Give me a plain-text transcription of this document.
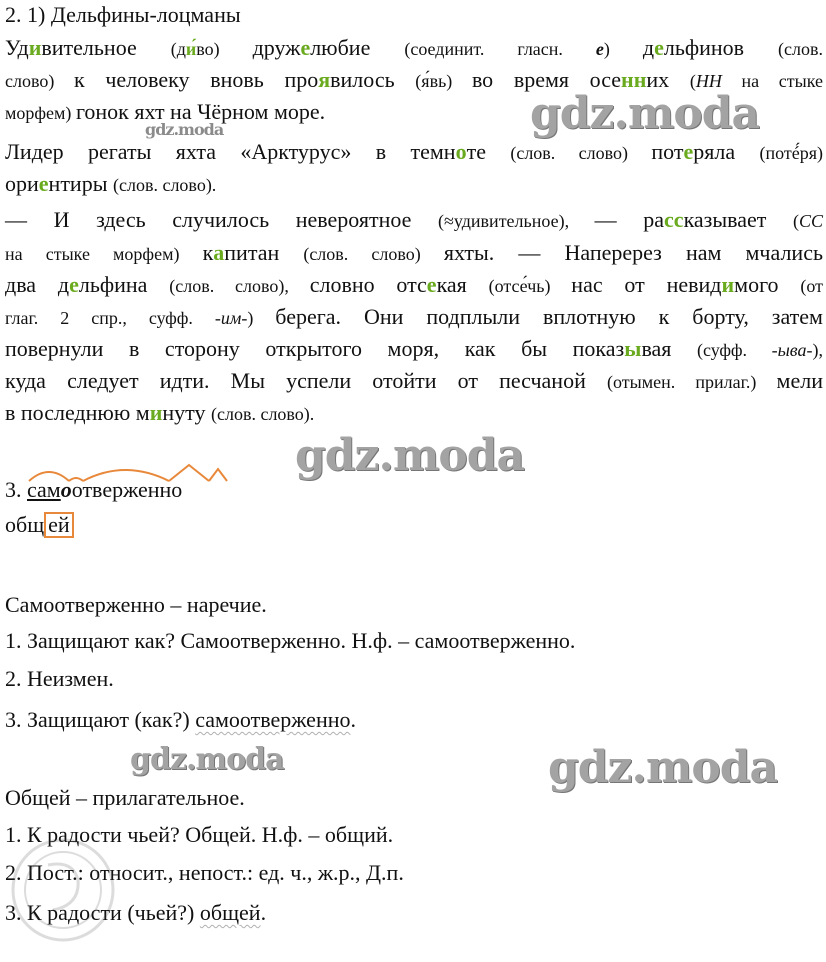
2. 1) Дельфины-лоцманы
Удивительное (ди́во) дружелюбие (соединит. гласн. е) дельфинов (слов.
слово) к человеку вновь проявилось (я́вь) во время осенних (НН на стыке
морфем) гонок яхт на Чёрном море.
Лидер регаты яхта «Арктурус» в темноте (слов. слово) потеряла (потé́ря)
ориентиры (слов. слово).
— И здесь случилось невероятное (≈удивительное), — рассказывает (СС
на стыке морфем) капитан (слов. слово) яхты. — Наперерез нам мчались
два дельфина (слов. слово), словно отсекая (отсе́чь) нас от невидимого (от
глаг. 2 спр., суфф. -им-) берега. Они подплыли вплотную к борту, затем
повернули в сторону открытого моря, как бы показывая (суфф. -ыва-),
куда следует идти. Мы успели отойти от песчаной (отымен. прилаг.) мели
в последнюю минуту (слов. слово).
3. самоотверженно
общ ей
Самоотверженно – наречие.
1. Защищают как? Самоотверженно. Н.ф. – самоотверженно.
2. Неизмен.
3. Защищают (как?) самоотверженно.
Общей – прилагательное.
1. К радости чьей? Общей. Н.ф. – общий.
2. Пост.: относит., непост.: ед. ч., ж.р., Д.п.
3. К радости (чьей?) общей.
gdz.moda
gdz.moda
gdz.moda
gdz.moda	gdz.moda
